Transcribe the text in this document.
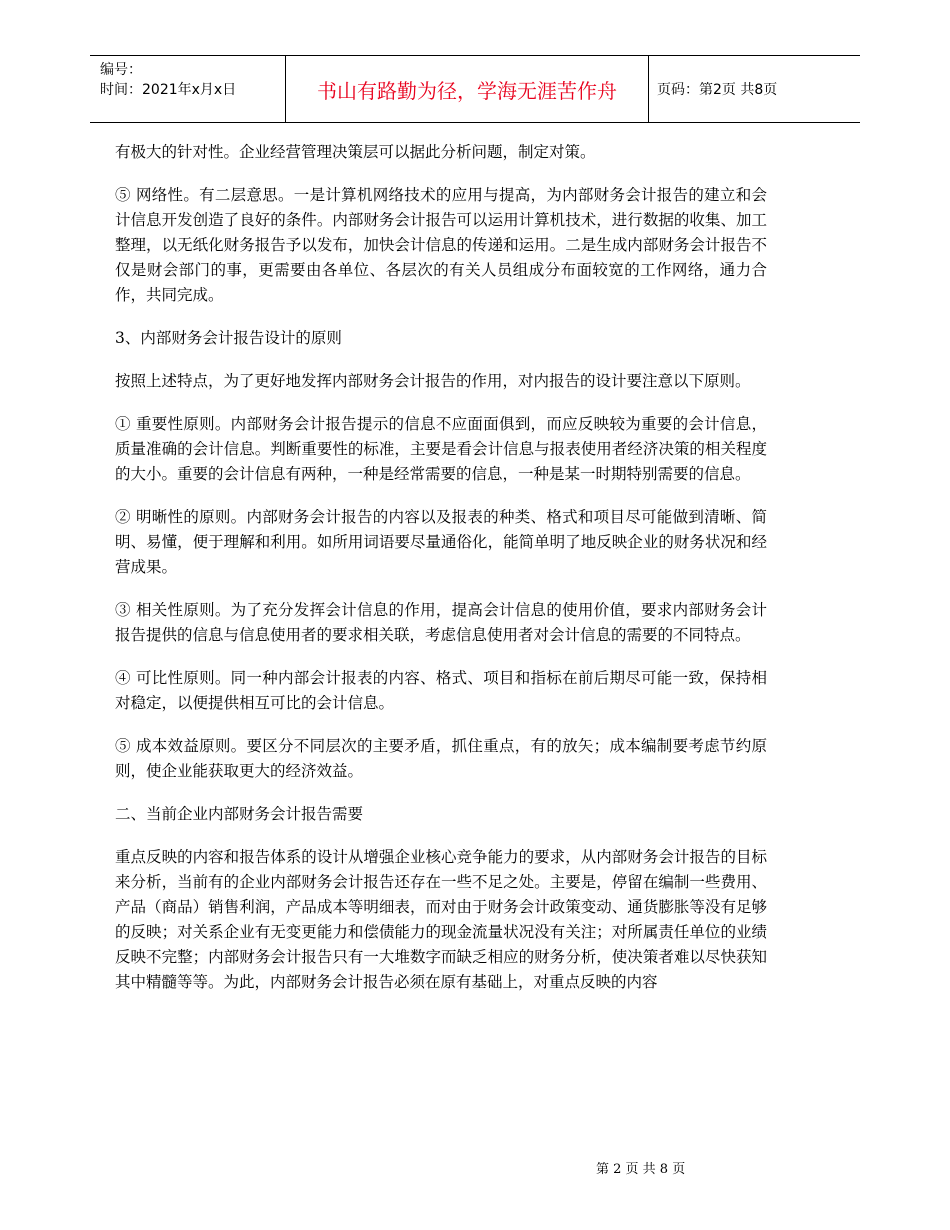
编号：
时间：2021年x月x日	书山有路勤为径，学海无涯苦作舟	页码：第2页 共8页

有极大的针对性。企业经营管理决策层可以据此分析问题，制定对策。

⑤ 网络性。有二层意思。一是计算机网络技术的应用与提高，为内部财务会计报告的建立和会计信息开发创造了良好的条件。内部财务会计报告可以运用计算机技术，进行数据的收集、加工整理，以无纸化财务报告予以发布，加快会计信息的传递和运用。二是生成内部财务会计报告不仅是财会部门的事，更需要由各单位、各层次的有关人员组成分布面较宽的工作网络，通力合作，共同完成。

3、内部财务会计报告设计的原则

按照上述特点，为了更好地发挥内部财务会计报告的作用，对内报告的设计要注意以下原则。

① 重要性原则。内部财务会计报告提示的信息不应面面俱到，而应反映较为重要的会计信息，质量准确的会计信息。判断重要性的标准，主要是看会计信息与报表使用者经济决策的相关程度的大小。重要的会计信息有两种，一种是经常需要的信息，一种是某一时期特别需要的信息。

② 明晰性的原则。内部财务会计报告的内容以及报表的种类、格式和项目尽可能做到清晰、简明、易懂，便于理解和利用。如所用词语要尽量通俗化，能简单明了地反映企业的财务状况和经营成果。

③ 相关性原则。为了充分发挥会计信息的作用，提高会计信息的使用价值，要求内部财务会计报告提供的信息与信息使用者的要求相关联，考虑信息使用者对会计信息的需要的不同特点。

④ 可比性原则。同一种内部会计报表的内容、格式、项目和指标在前后期尽可能一致，保持相对稳定，以便提供相互可比的会计信息。

⑤ 成本效益原则。要区分不同层次的主要矛盾，抓住重点，有的放矢；成本编制要考虑节约原则，使企业能获取更大的经济效益。

二、当前企业内部财务会计报告需要

重点反映的内容和报告体系的设计从增强企业核心竞争能力的要求，从内部财务会计报告的目标来分析，当前有的企业内部财务会计报告还存在一些不足之处。主要是，停留在编制一些费用、产品（商品）销售利润，产品成本等明细表，而对由于财务会计政策变动、通货膨胀等没有足够的反映；对关系企业有无变更能力和偿债能力的现金流量状况没有关注；对所属责任单位的业绩反映不完整；内部财务会计报告只有一大堆数字而缺乏相应的财务分析，使决策者难以尽快获知其中精髓等等。为此，内部财务会计报告必须在原有基础上，对重点反映的内容

第 2 页 共 8 页
